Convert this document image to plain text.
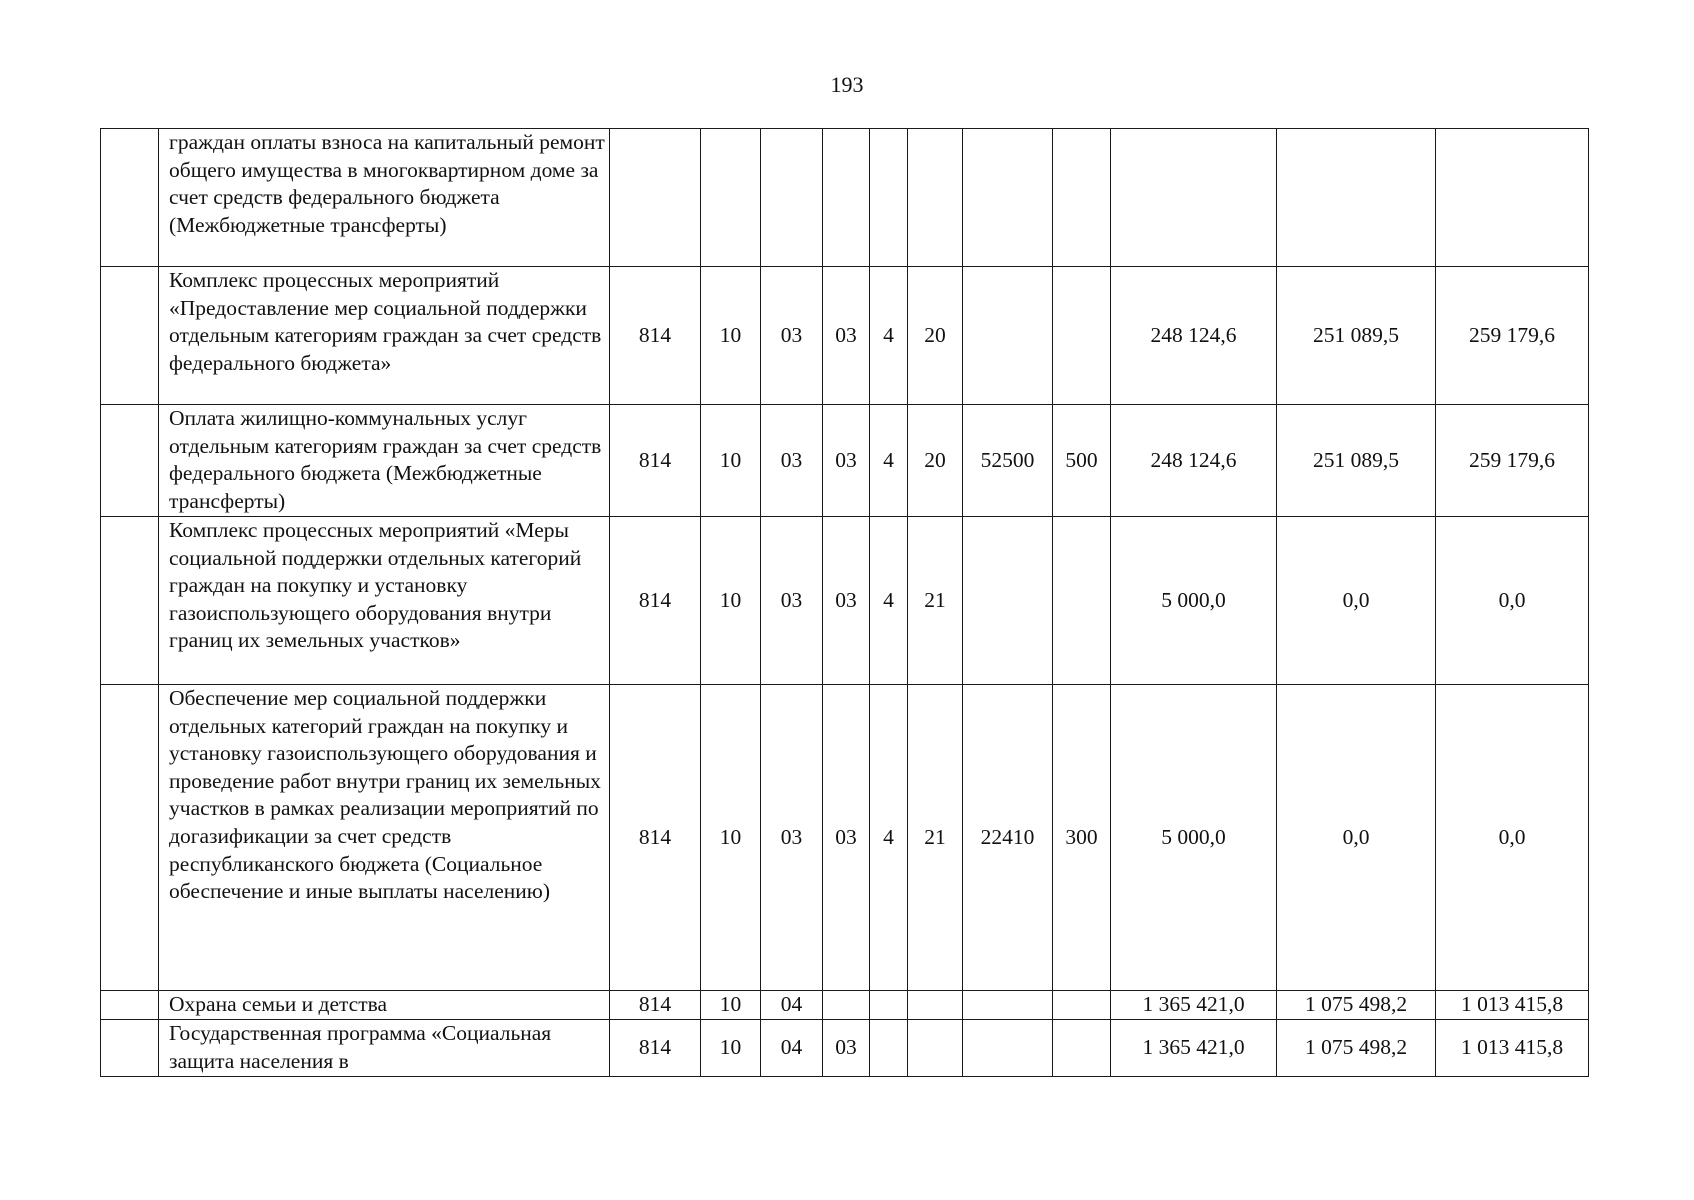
193
	граждан оплаты взноса на капитальный ремонт общего имущества в многоквартирном доме за счет средств федерального бюджета (Межбюджетные трансферты)											
	Комплекс процессных мероприятий «Предоставление мер социальной поддержки отдельным категориям граждан за счет средств федерального бюджета»	814	10	03	03	4	20			248 124,6	251 089,5	259 179,6
	Оплата жилищно-коммунальных услуг отдельным категориям граждан за счет средств федерального бюджета (Межбюджетные трансферты)	814	10	03	03	4	20	52500	500	248 124,6	251 089,5	259 179,6
	Комплекс процессных мероприятий «Меры социальной поддержки отдельных категорий граждан на покупку и установку газоиспользующего оборудования внутри границ их земельных участков»	814	10	03	03	4	21			5 000,0	0,0	0,0
	Обеспечение мер социальной поддержки отдельных категорий граждан на покупку и установку газоиспользующего оборудования и проведение работ внутри границ их земельных участков в рамках реализации мероприятий по догазификации за счет средств республиканского бюджета (Социальное обеспечение и иные выплаты населению)	814	10	03	03	4	21	22410	300	5 000,0	0,0	0,0
	Охрана семьи и детства	814	10	04						1 365 421,0	1 075 498,2	1 013 415,8
	Государственная программа «Социальная защита населения в	814	10	04	03					1 365 421,0	1 075 498,2	1 013 415,8
